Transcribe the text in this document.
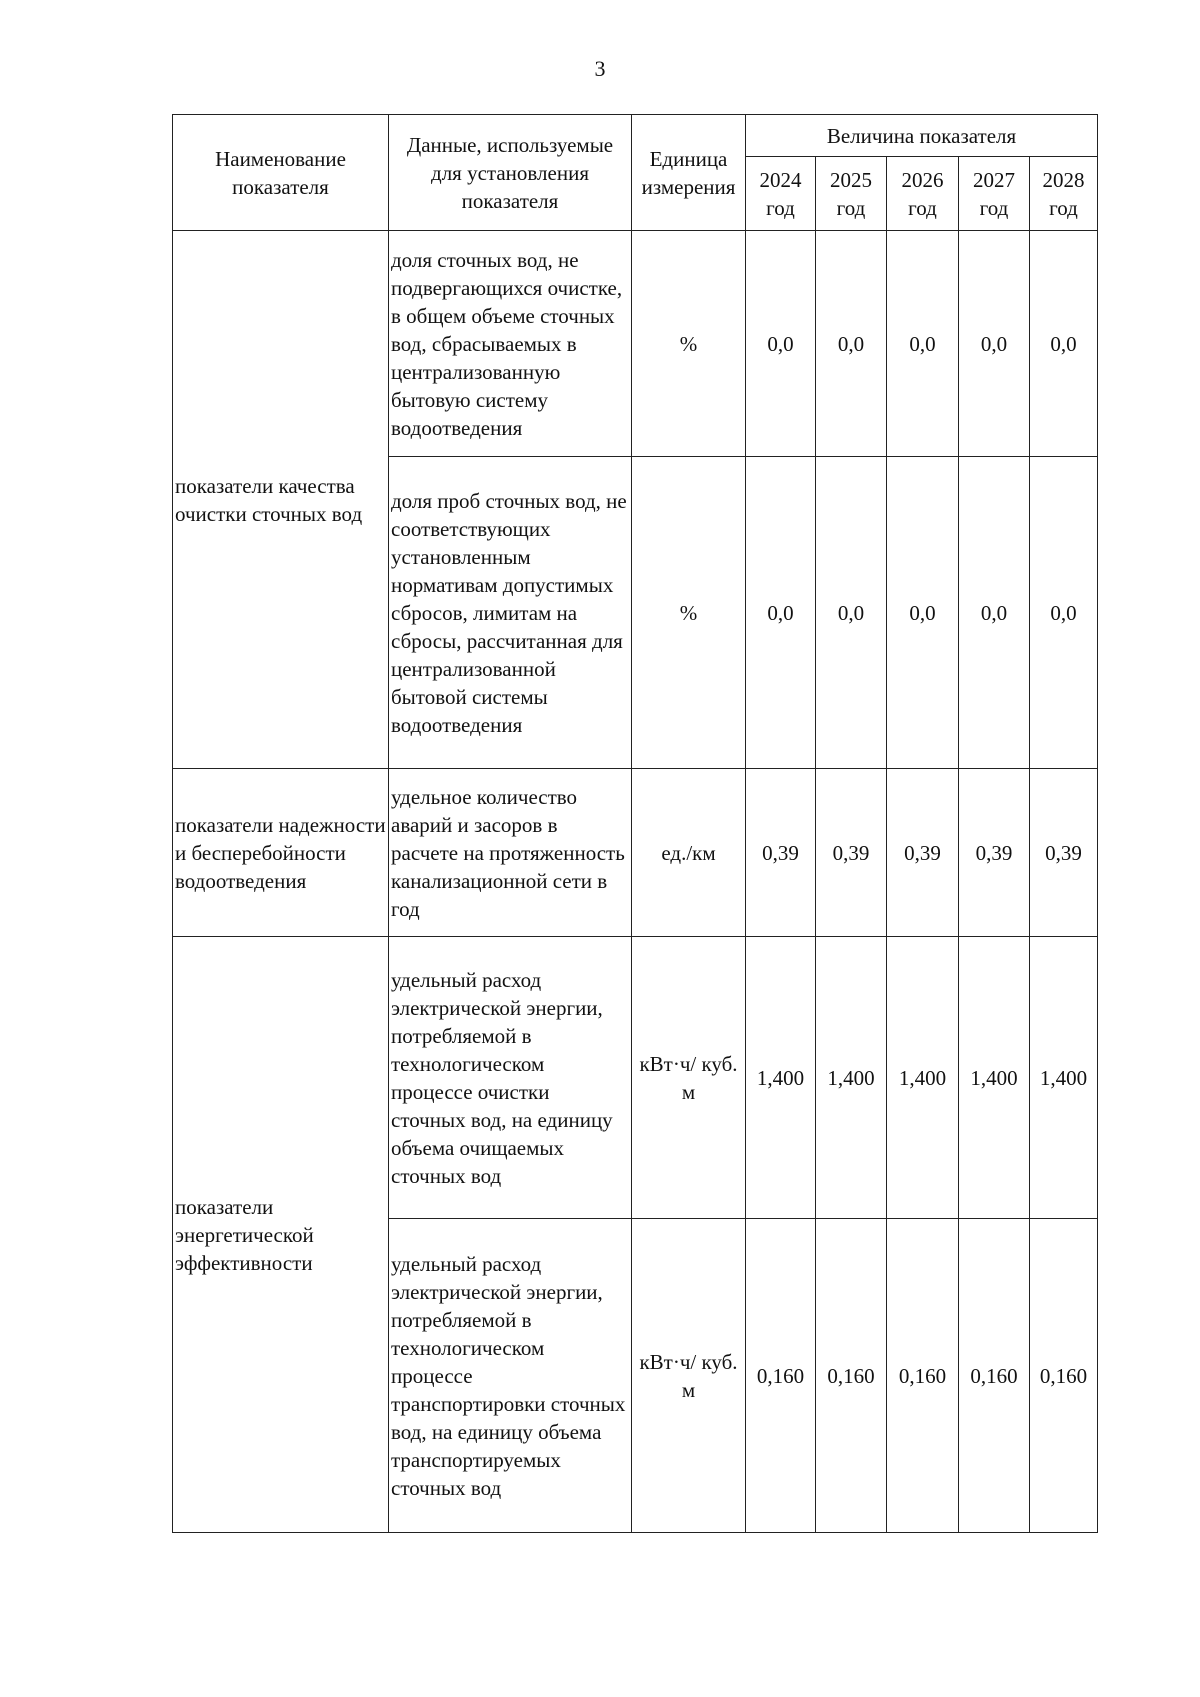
3
Наименование показателя	Данные, используемые для установления показателя	Единица измерения	Величина показателя				
			2024 год	2025 год	2026 год	2027 год	2028 год
показатели качества очистки сточных вод	доля сточных вод, не подвергающихся очистке, в общем объеме сточных вод, сбрасываемых в централизованную бытовую систему водоотведения	%	0,0	0,0	0,0	0,0	0,0
	доля проб сточных вод, не соответствующих установленным нормативам допустимых сбросов, лимитам на сбросы, рассчитанная для централизованной бытовой системы водоотведения	%	0,0	0,0	0,0	0,0	0,0
показатели надежности и бесперебойности водоотведения	удельное количество аварий и засоров в расчете на протяженность канализационной сети в год	ед./км	0,39	0,39	0,39	0,39	0,39
показатели энергетической эффективности	удельный расход электрической энергии, потребляемой в технологическом процессе очистки сточных вод, на единицу объема очищаемых сточных вод	кВт·ч/ куб. м	1,400	1,400	1,400	1,400	1,400
	удельный расход электрической энергии, потребляемой в технологическом процессе транспортировки сточных вод, на единицу объема транспортируемых сточных вод	кВт·ч/ куб. м	0,160	0,160	0,160	0,160	0,160
